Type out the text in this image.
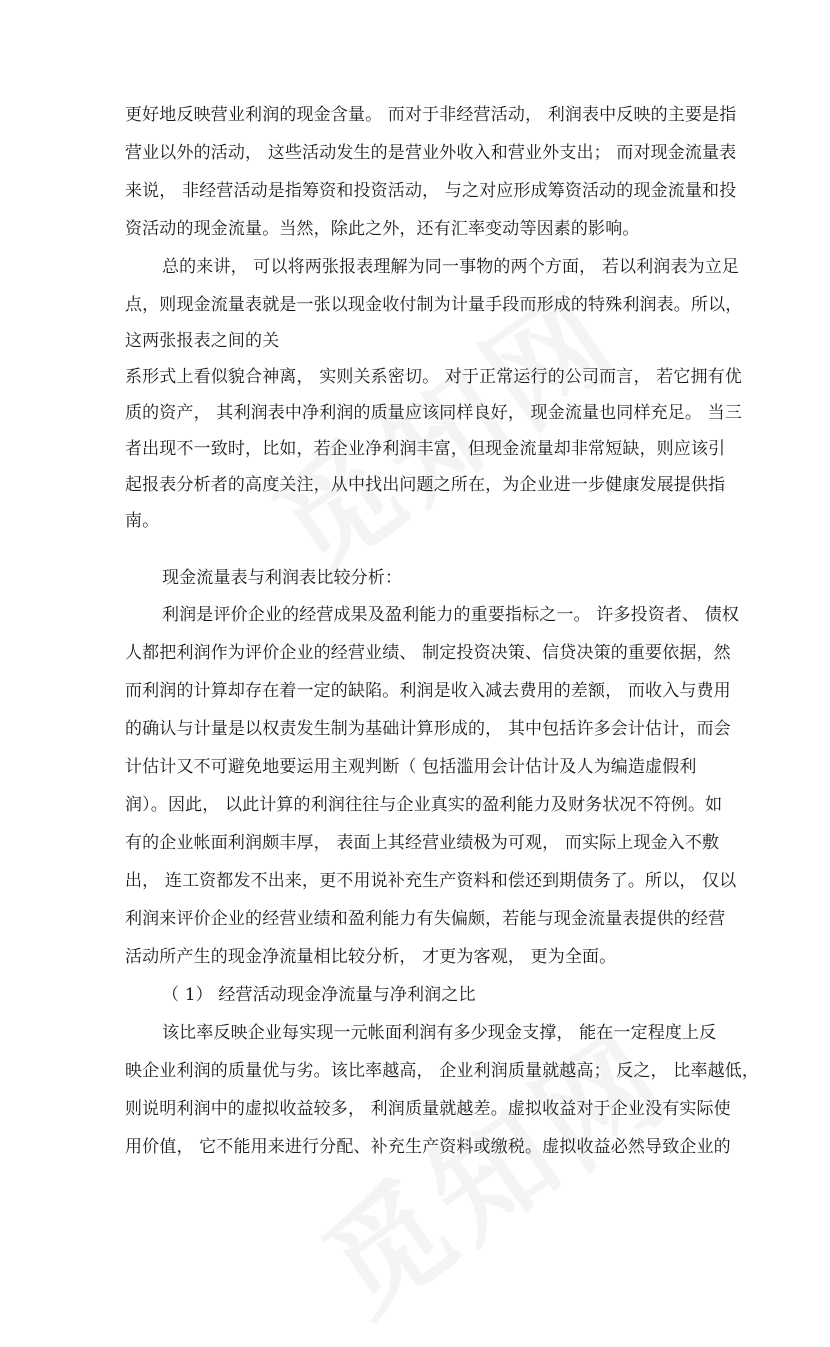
更好地反映营业利润的现金含量。 而对于非经营活动， 利润表中反映的主要是指
营业以外的活动， 这些活动发生的是营业外收入和营业外支出； 而对现金流量表
来说， 非经营活动是指筹资和投资活动， 与之对应形成筹资活动的现金流量和投
资活动的现金流量。当然，除此之外，还有汇率变动等因素的影响。
总的来讲， 可以将两张报表理解为同一事物的两个方面， 若以利润表为立足
点，则现金流量表就是一张以现金收付制为计量手段而形成的特殊利润表。所以，
这两张报表之间的关
系形式上看似貌合神离， 实则关系密切。 对于正常运行的公司而言， 若它拥有优
质的资产， 其利润表中净利润的质量应该同样良好， 现金流量也同样充足。 当三
者出现不一致时，比如，若企业净利润丰富，但现金流量却非常短缺，则应该引
起报表分析者的高度关注，从中找出问题之所在，为企业进一步健康发展提供指
南。
现金流量表与利润表比较分析：
利润是评价企业的经营成果及盈利能力的重要指标之一。 许多投资者、 债权
人都把利润作为评价企业的经营业绩、 制定投资决策、信贷决策的重要依据，然
而利润的计算却存在着一定的缺陷。利润是收入减去费用的差额， 而收入与费用
的确认与计量是以权责发生制为基础计算形成的， 其中包括许多会计估计，而会
计估计又不可避免地要运用主观判断（ 包括滥用会计估计及人为编造虚假利
润）。因此， 以此计算的利润往往与企业真实的盈利能力及财务状况不符例。如
有的企业帐面利润颇丰厚， 表面上其经营业绩极为可观， 而实际上现金入不敷
出， 连工资都发不出来，更不用说补充生产资料和偿还到期债务了。所以， 仅以
利润来评价企业的经营业绩和盈利能力有失偏颇，若能与现金流量表提供的经营
活动所产生的现金净流量相比较分析， 才更为客观， 更为全面。
（ 1） 经营活动现金净流量与净利润之比
该比率反映企业每实现一元帐面利润有多少现金支撑， 能在一定程度上反
映企业利润的质量优与劣。该比率越高， 企业利润质量就越高； 反之， 比率越低，
则说明利润中的虚拟收益较多， 利润质量就越差。虚拟收益对于企业没有实际使
用价值， 它不能用来进行分配、补充生产资料或缴税。虚拟收益必然导致企业的
